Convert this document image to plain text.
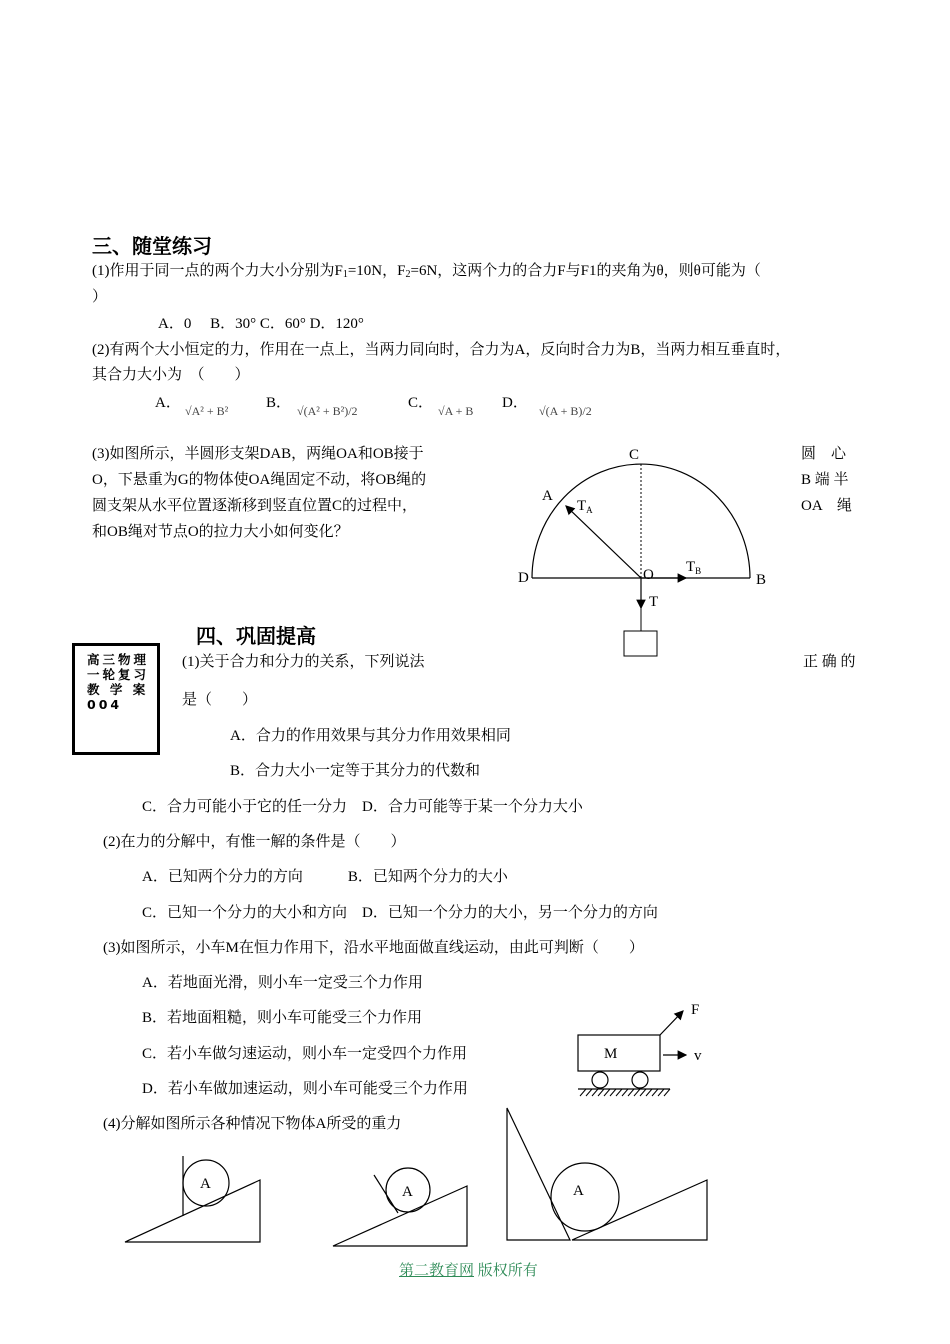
三、随堂练习
(1)作用于同一点的两个力大小分别为$F_1=10N$，$F_2=6N$，这两个力的合力F与F1的夹角为θ，则θ可能为（
）
A．0　 B．30° C．60° D．120°
(2)有两个大小恒定的力，作用在一点上，当两力同向时，合力为A，反向时合力为B，当两力相互垂直时，
其合力大小为　（　　）
A． √A² + B²	B． √(A² + B²)/2	C． √A + B D． √(A + B)/2
(3)如图所示，半圆形支架DAB，两绳OA和OB接于
O，下悬重为G的物体使OA绳固定不动，将OB绳的
圆支架从水平位置逐渐移到竖直位置C的过程中，
和OB绳对节点O的拉力大小如何变化？
圆　心
B 端 半
OA　绳
C
A
$T_A$
D	O $T_B$
B
T
F
M	v
A	A	A
四、巩固提高
高三物理
一轮复习
教 学 案
004
(1)关于合力和分力的关系，下列说法	正 确 的
是（　　）
A．合力的作用效果与其分力作用效果相同
B．合力大小一定等于其分力的代数和
C．合力可能小于它的任一分力　D．合力可能等于某一个分力大小
(2)在力的分解中，有惟一解的条件是（　　）
A．已知两个分力的方向　　　B．已知两个分力的大小
C．已知一个分力的大小和方向　D．已知一个分力的大小，另一个分力的方向
(3)如图所示，小车M在恒力作用下，沿水平地面做直线运动，由此可判断（　　）
A．若地面光滑，则小车一定受三个力作用
B．若地面粗糙，则小车可能受三个力作用
C．若小车做匀速运动，则小车一定受四个力作用
D．若小车做加速运动，则小车可能受三个力作用
(4)分解如图所示各种情况下物体A所受的重力
第二教育网 版权所有
